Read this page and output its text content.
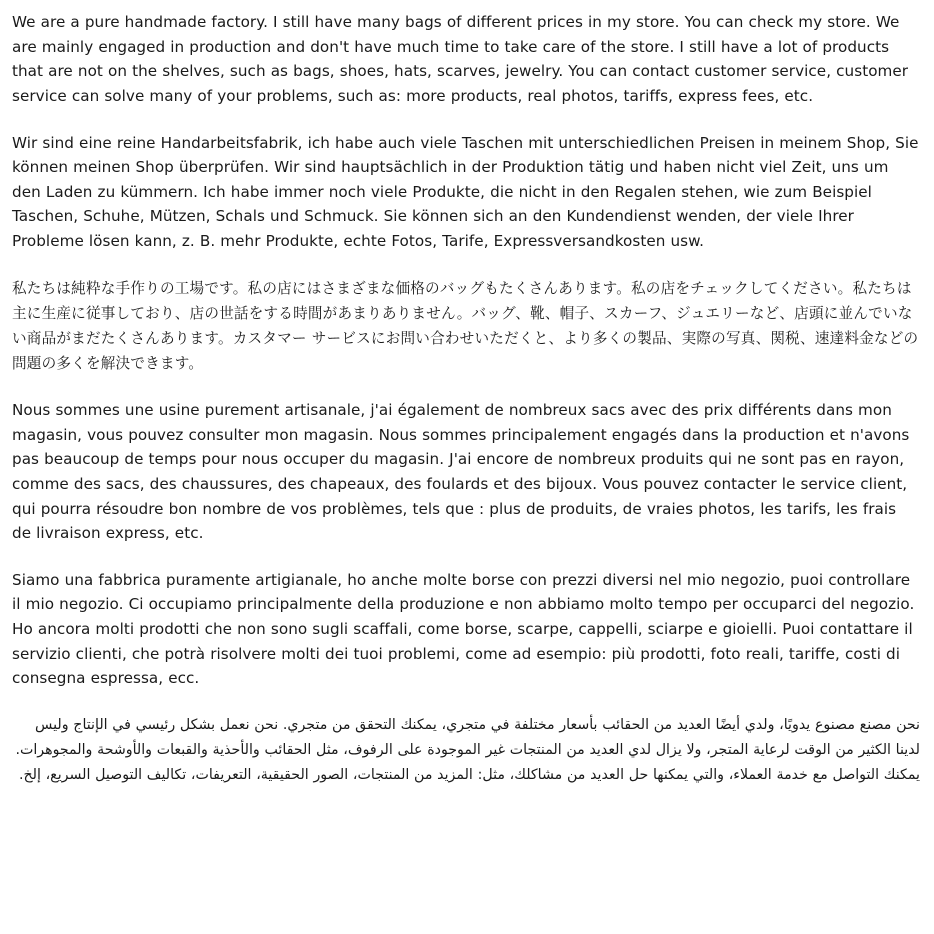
We are a pure handmade factory. I still have many bags of different prices in my store. You can check my store. We are mainly engaged in production and don't have much time to take care of the store. I still have a lot of products that are not on the shelves, such as bags, shoes, hats, scarves, jewelry. You can contact customer service, customer service can solve many of your problems, such as: more products, real photos, tariffs, express fees, etc.

Wir sind eine reine Handarbeitsfabrik, ich habe auch viele Taschen mit unterschiedlichen Preisen in meinem Shop, Sie können meinen Shop überprüfen. Wir sind hauptsächlich in der Produktion tätig und haben nicht viel Zeit, uns um den Laden zu kümmern. Ich habe immer noch viele Produkte, die nicht in den Regalen stehen, wie zum Beispiel Taschen, Schuhe, Mützen, Schals und Schmuck. Sie können sich an den Kundendienst wenden, der viele Ihrer Probleme lösen kann, z. B. mehr Produkte, echte Fotos, Tarife, Expressversandkosten usw.

私たちは純粋な手作りの工場です。私の店にはさまざまな価格のバッグもたくさんあります。私の店をチェックしてください。私たちは主に生産に従事しており、店の世話をする時間があまりありません。バッグ、靴、帽子、スカーフ、ジュエリーなど、店頭に並んでいない商品がまだたくさんあります。カスタマー サービスにお問い合わせいただくと、より多くの製品、実際の写真、関税、速達料金などの問題の多くを解決できます。

Nous sommes une usine purement artisanale, j'ai également de nombreux sacs avec des prix différents dans mon magasin, vous pouvez consulter mon magasin. Nous sommes principalement engagés dans la production et n'avons pas beaucoup de temps pour nous occuper du magasin. J'ai encore de nombreux produits qui ne sont pas en rayon, comme des sacs, des chaussures, des chapeaux, des foulards et des bijoux. Vous pouvez contacter le service client, qui pourra résoudre bon nombre de vos problèmes, tels que : plus de produits, de vraies photos, les tarifs, les frais de livraison express, etc.

Siamo una fabbrica puramente artigianale, ho anche molte borse con prezzi diversi nel mio negozio, puoi controllare il mio negozio. Ci occupiamo principalmente della produzione e non abbiamo molto tempo per occuparci del negozio. Ho ancora molti prodotti che non sono sugli scaffali, come borse, scarpe, cappelli, sciarpe e gioielli. Puoi contattare il servizio clienti, che potrà risolvere molti dei tuoi problemi, come ad esempio: più prodotti, foto reali, tariffe, costi di consegna espressa, ecc.

نحن مصنع مصنوع يدويًا، ولدي أيضًا العديد من الحقائب بأسعار مختلفة في متجري، يمكنك التحقق من متجري. نحن نعمل بشكل رئيسي في الإنتاج وليس لدينا الكثير من الوقت لرعاية المتجر، ولا يزال لدي العديد من المنتجات غير الموجودة على الرفوف، مثل الحقائب والأحذية والقبعات والأوشحة والمجوهرات. يمكنك التواصل مع خدمة العملاء، والتي يمكنها حل العديد من مشاكلك، مثل: المزيد من المنتجات، الصور الحقيقية، التعريفات، تكاليف التوصيل السريع، إلخ.
